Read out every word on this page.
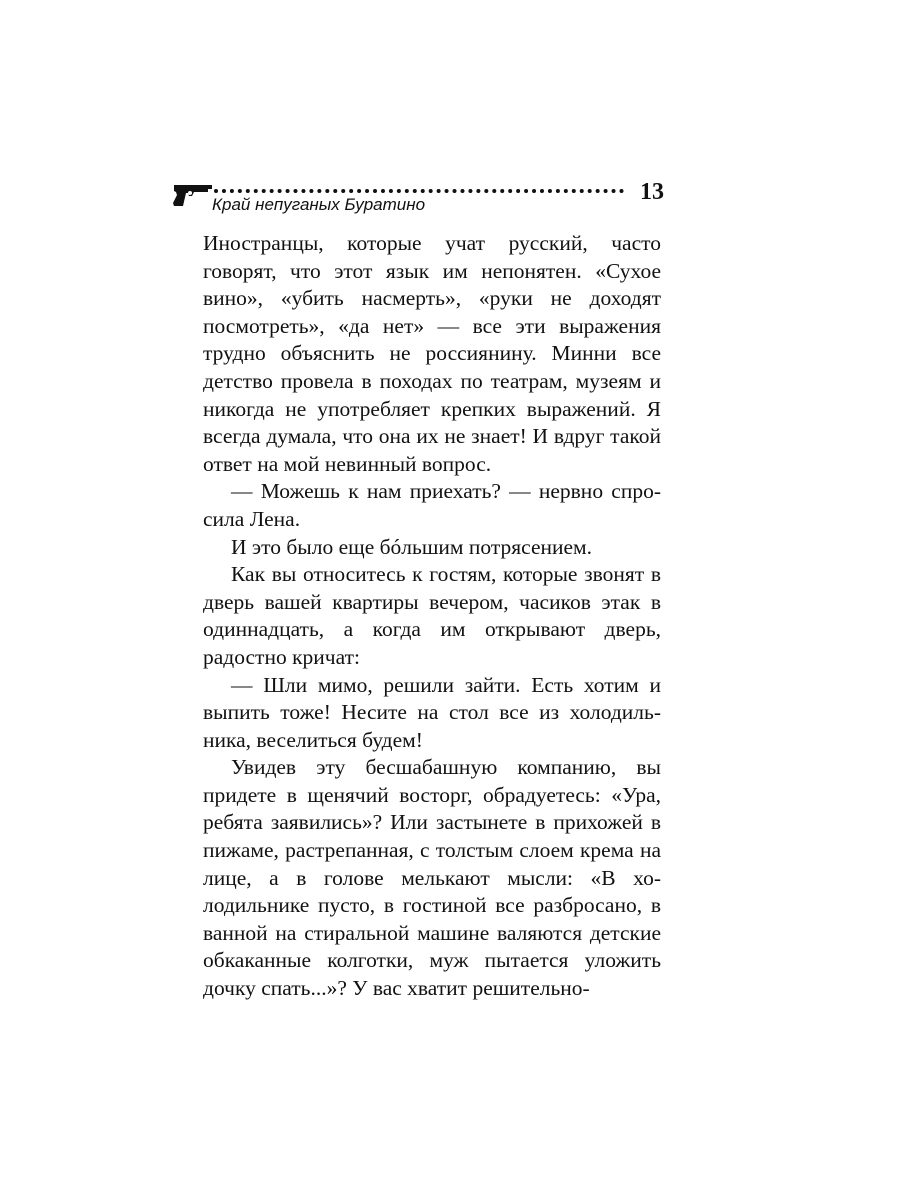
13
Край непуганых Буратино

Иностранцы, которые учат русский, часто говорят, что этот язык им непонятен. «Сухое вино», «убить насмерть», «руки не доходят посмотреть», «да нет» — все эти выражения трудно объяснить не россиянину. Минни все детство провела в походах по театрам, музеям и никогда не употребляет крепких выражений. Я всегда думала, что она их не знает! И вдруг такой ответ на мой невинный вопрос.

— Можешь к нам приехать? — нервно спросила Лена.

И это было еще бóльшим потрясением.

Как вы относитесь к гостям, которые звонят в дверь вашей квартиры вечером, часиков этак в одиннадцать, а когда им открывают дверь, радостно кричат:

— Шли мимо, решили зайти. Есть хотим и выпить тоже! Несите на стол все из холодильника, веселиться будем!

Увидев эту бесшабашную компанию, вы придете в щенячий восторг, обрадуетесь: «Ура, ребята заявились»? Или застынете в прихожей в пижаме, растрепанная, с толстым слоем крема на лице, а в голове мелькают мысли: «В холодильнике пусто, в гостиной все разбросано, в ванной на стиральной машине валяются детские обкаканные колготки, муж пытается уложить дочку спать...»? У вас хватит решительно-
